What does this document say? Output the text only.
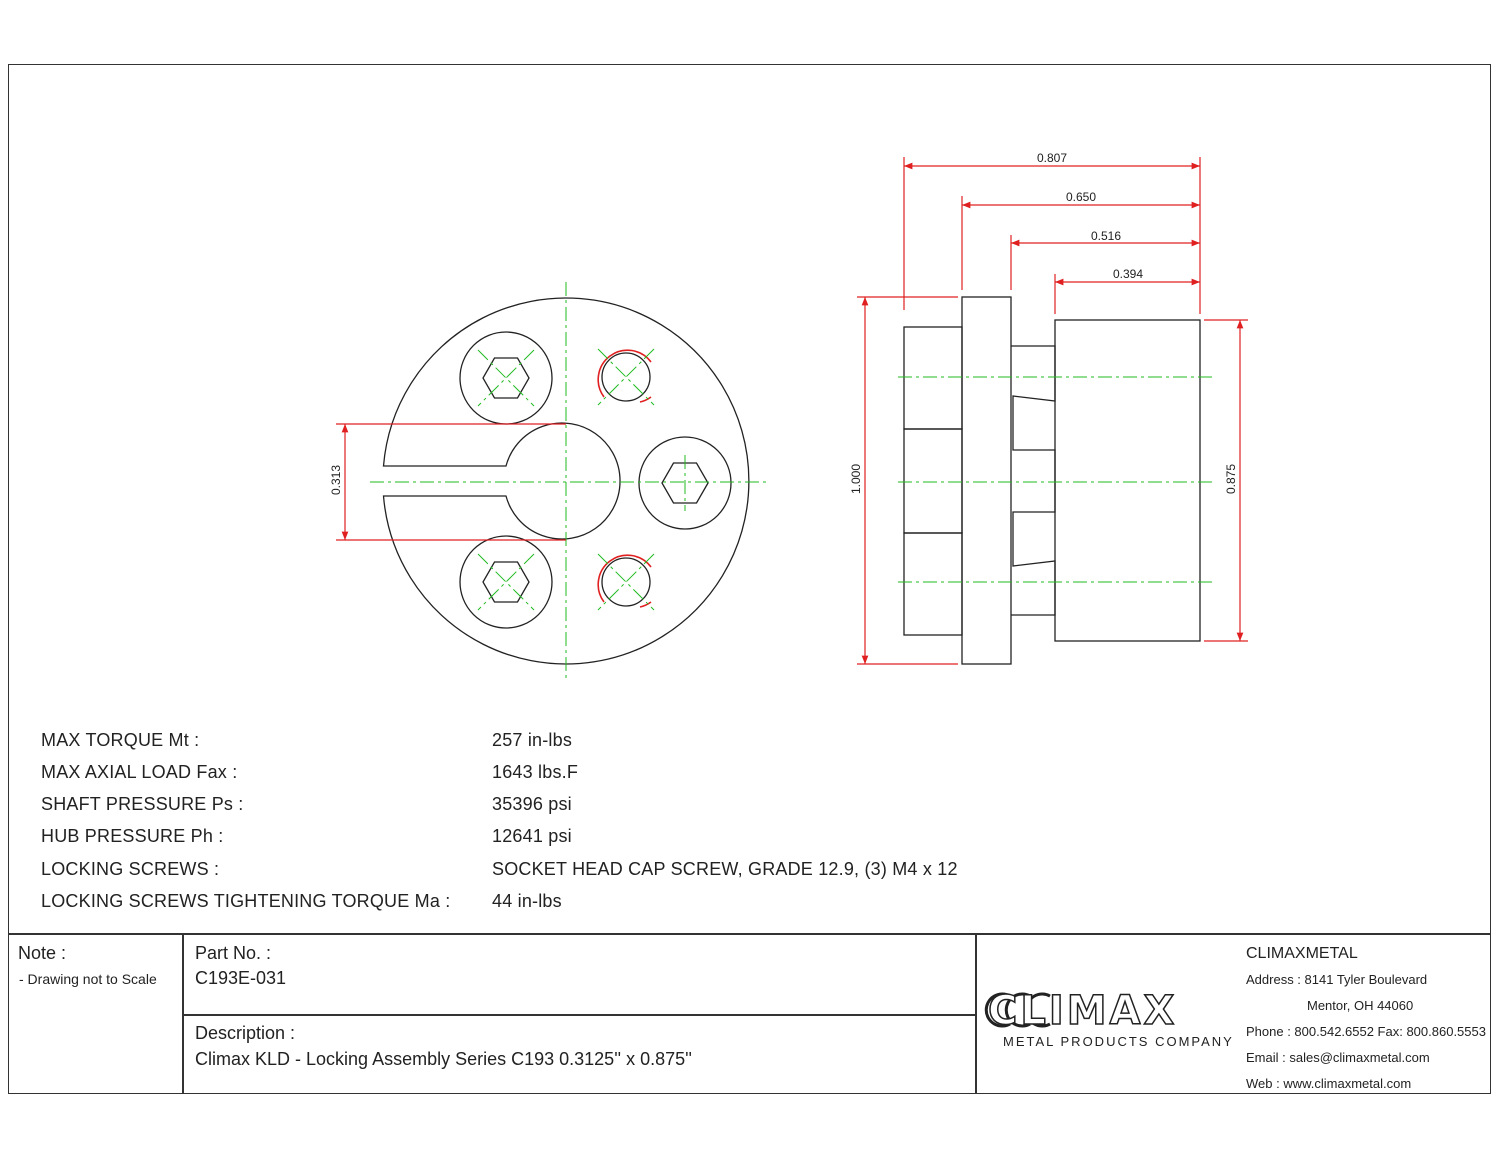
0.313
0.807
0.650
0.516
0.394
1.000	0.875
MAX TORQUE Mt :	257 in-lbs
MAX AXIAL LOAD Fax :	1643 lbs.F
SHAFT PRESSURE Ps :	35396 psi
HUB PRESSURE Ph :	12641 psi
LOCKING SCREWS :	SOCKET HEAD CAP SCREW, GRADE 12.9, (3) M4 x 12
LOCKING SCREWS TIGHTENING TORQUE Ma : 44 in-lbs
Note :
- Drawing not to Scale
Part No. :
C193E-031
Description :
Climax KLD - Locking Assembly Series C193 0.3125'' x 0.875''
CLIMAX
METAL PRODUCTS COMPANY
CLIMAXMETAL
Address : 8141 Tyler Boulevard
Mentor, OH 44060
Phone : 800.542.6552 Fax: 800.860.5553
Email : sales@climaxmetal.com
Web : www.climaxmetal.com
